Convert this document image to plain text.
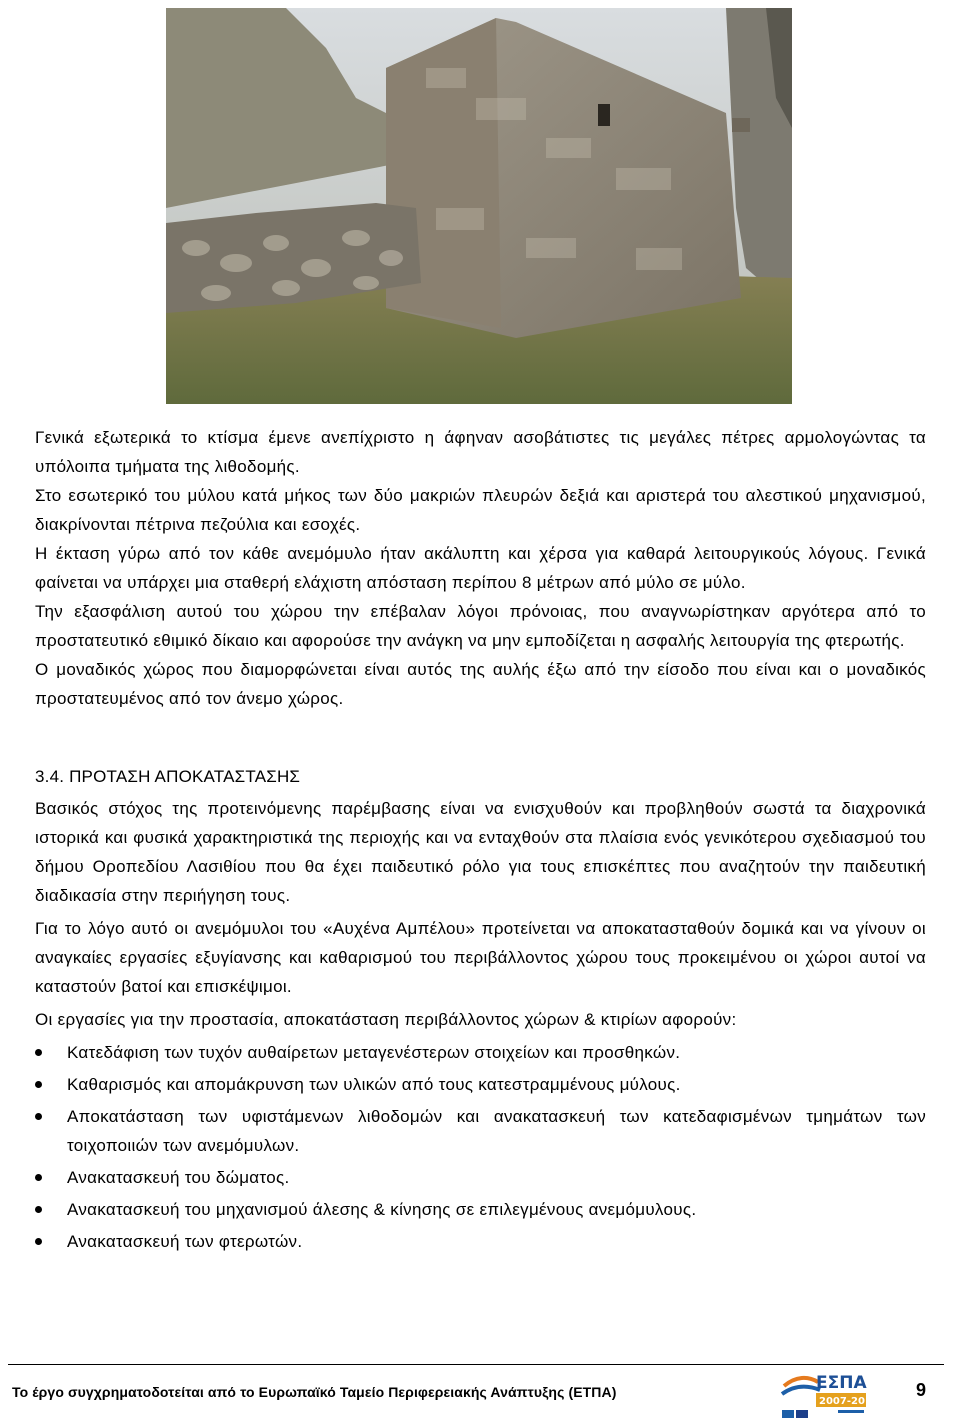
Γενικά εξωτερικά το κτίσμα έμενε ανεπίχριστο η άφηναν ασοβάτιστες τις μεγάλες πέτρες αρμολογώντας τα υπόλοιπα τμήματα της λιθοδομής.

Στο εσωτερικό του μύλου κατά μήκος των δύο μακριών πλευρών δεξιά και αριστερά του αλεστικού μηχανισμού, διακρίνονται πέτρινα πεζούλια και εσοχές.

Η έκταση γύρω από τον κάθε ανεμόμυλο ήταν ακάλυπτη και χέρσα για καθαρά λειτουργικούς λόγους. Γενικά φαίνεται να υπάρχει μια σταθερή ελάχιστη απόσταση περίπου 8 μέτρων από μύλο σε μύλο.

Την εξασφάλιση αυτού του χώρου την επέβαλαν λόγοι πρόνοιας, που αναγνωρίστηκαν αργότερα από το προστατευτικό εθιμικό δίκαιο και αφορούσε την ανάγκη να μην εμποδίζεται η ασφαλής λειτουργία της φτερωτής.

Ο μοναδικός χώρος που διαμορφώνεται είναι αυτός της αυλής έξω από την είσοδο που είναι και ο μοναδικός προστατευμένος από τον άνεμο χώρος.

3.4. ΠΡΟΤΑΣΗ ΑΠΟΚΑΤΑΣΤΑΣΗΣ

Βασικός στόχος της προτεινόμενης παρέμβασης είναι να ενισχυθούν και προβληθούν σωστά τα διαχρονικά ιστορικά και φυσικά χαρακτηριστικά της περιοχής και να ενταχθούν στα πλαίσια ενός γενικότερου σχεδιασμού του δήμου Οροπεδίου Λασιθίου που θα έχει παιδευτικό ρόλο για τους επισκέπτες που αναζητούν την παιδευτική διαδικασία στην περιήγηση τους.

Για το λόγο αυτό οι ανεμόμυλοι του «Αυχένα Αμπέλου» προτείνεται να αποκατασταθούν δομικά και να γίνουν οι αναγκαίες εργασίες εξυγίανσης και καθαρισμού του περιβάλλοντος χώρου τους προκειμένου οι χώροι αυτοί να καταστούν βατοί και επισκέψιμοι.

Οι εργασίες για την προστασία, αποκατάσταση περιβάλλοντος χώρων & κτιρίων αφορούν:

Κατεδάφιση των τυχόν αυθαίρετων μεταγενέστερων στοιχείων και προσθηκών.
Καθαρισμός και απομάκρυνση των υλικών από τους κατεστραμμένους μύλους.
Αποκατάσταση των υφιστάμενων λιθοδομών και ανακατασκευή των κατεδαφισμένων τμημάτων των τοιχοποιιών των ανεμόμυλων.
Ανακατασκευή του δώματος.
Ανακατασκευή του μηχανισμού άλεσης & κίνησης σε επιλεγμένους ανεμόμυλους.
Ανακατασκευή των φτερωτών.
Το έργο συγχρηματοδοτείται από το Ευρωπαϊκό Ταμείο Περιφερειακής Ανάπτυξης (ΕΤΠΑ)	ΕΣΠΑ
2007-2013
9
